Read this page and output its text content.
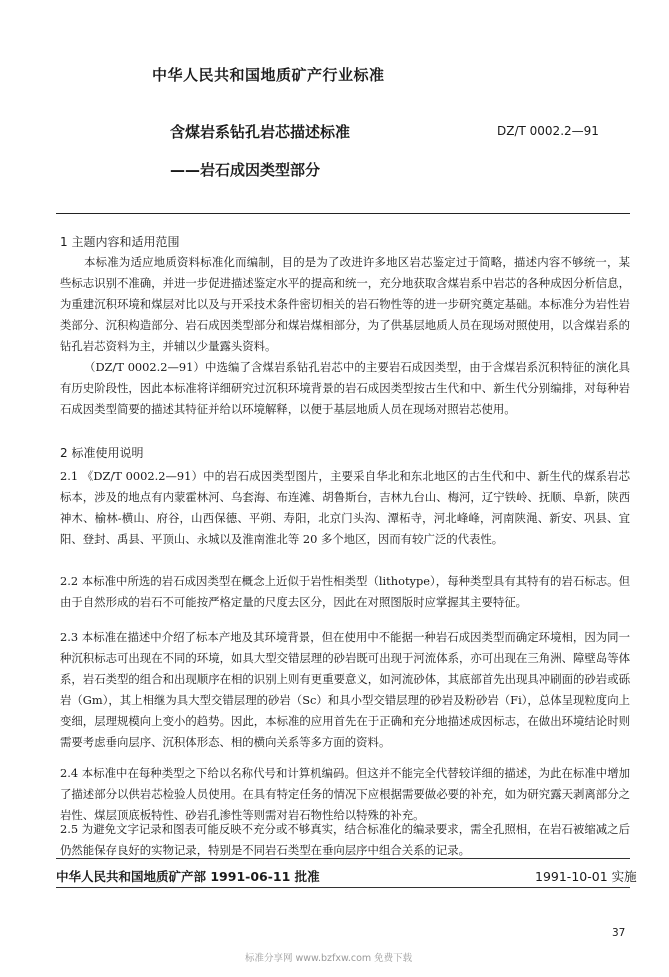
中华人民共和国地质矿产行业标准
含煤岩系钻孔岩芯描述标准	DZ/T 0002.2—91
——岩石成因类型部分
1 主题内容和适用范围

本标准为适应地质资料标准化而编制，目的是为了改进许多地区岩芯鉴定过于简略，描述内容不够统一，某些标志识别不准确，并进一步促进描述鉴定水平的提高和统一，充分地获取含煤岩系中岩芯的各种成因分析信息，为重建沉积环境和煤层对比以及与开采技术条件密切相关的岩石物性等的进一步研究奠定基础。本标准分为岩性岩类部分、沉积构造部分、岩石成因类型部分和煤岩煤相部分，为了供基层地质人员在现场对照使用，以含煤岩系的钻孔岩芯资料为主，并辅以少量露头资料。

（DZ/T 0002.2—91）中选编了含煤岩系钻孔岩芯中的主要岩石成因类型，由于含煤岩系沉积特征的演化具有历史阶段性，因此本标准将详细研究过沉积环境背景的岩石成因类型按古生代和中、新生代分别编排，对每种岩石成因类型简要的描述其特征并给以环境解释，以便于基层地质人员在现场对照岩芯使用。

2 标准使用说明

2.1 《DZ/T 0002.2—91）中的岩石成因类型图片，主要采自华北和东北地区的古生代和中、新生代的煤系岩芯标本，涉及的地点有内蒙霍林河、乌套海、布连滩、胡鲁斯台，吉林九台山、梅河，辽宁铁岭、抚顺、阜新，陕西神木、榆林-横山、府谷，山西保德、平朔、寿阳，北京门头沟、潭柘寺，河北峰峰，河南陕渑、新安、巩县、宜阳、登封、禹县、平顶山、永城以及淮南淮北等 20 多个地区，因而有较广泛的代表性。

2.2 本标准中所选的岩石成因类型在概念上近似于岩性相类型（lithotype），每种类型具有其特有的岩石标志。但由于自然形成的岩石不可能按严格定量的尺度去区分，因此在对照图版时应掌握其主要特征。

2.3 本标准在描述中介绍了标本产地及其环境背景，但在使用中不能据一种岩石成因类型而确定环境相，因为同一种沉积标志可出现在不同的环境，如具大型交错层理的砂岩既可出现于河流体系，亦可出现在三角洲、障壁岛等体系，岩石类型的组合和出现顺序在相的识别上则有更重要意义，如河流砂体，其底部首先出现具冲刷面的砂岩或砾岩（Gm），其上相继为具大型交错层理的砂岩（Sc）和具小型交错层理的砂岩及粉砂岩（Fi），总体呈现粒度向上变细，层理规模向上变小的趋势。因此，本标准的应用首先在于正确和充分地描述成因标志，在做出环境结论时则需要考虑垂向层序、沉积体形态、相的横向关系等多方面的资料。

2.4 本标准中在每种类型之下给以名称代号和计算机编码。但这并不能完全代替较详细的描述，为此在标准中增加了描述部分以供岩芯检验人员使用。在具有特定任务的情况下应根据需要做必要的补充，如为研究露天剥离部分之岩性、煤层顶底板特性、砂岩孔渗性等则需对岩石物性给以特殊的补充。

2.5 为避免文字记录和图表可能反映不充分或不够真实，结合标准化的编录要求，需全孔照相，在岩石被缩减之后仍然能保存良好的实物记录，特别是不同岩石类型在垂向层序中组合关系的记录。

中华人民共和国地质矿产部 1991-06-11 批准	1991-10-01 实施
37
标准分享网 www.bzfxw.com 免费下载
